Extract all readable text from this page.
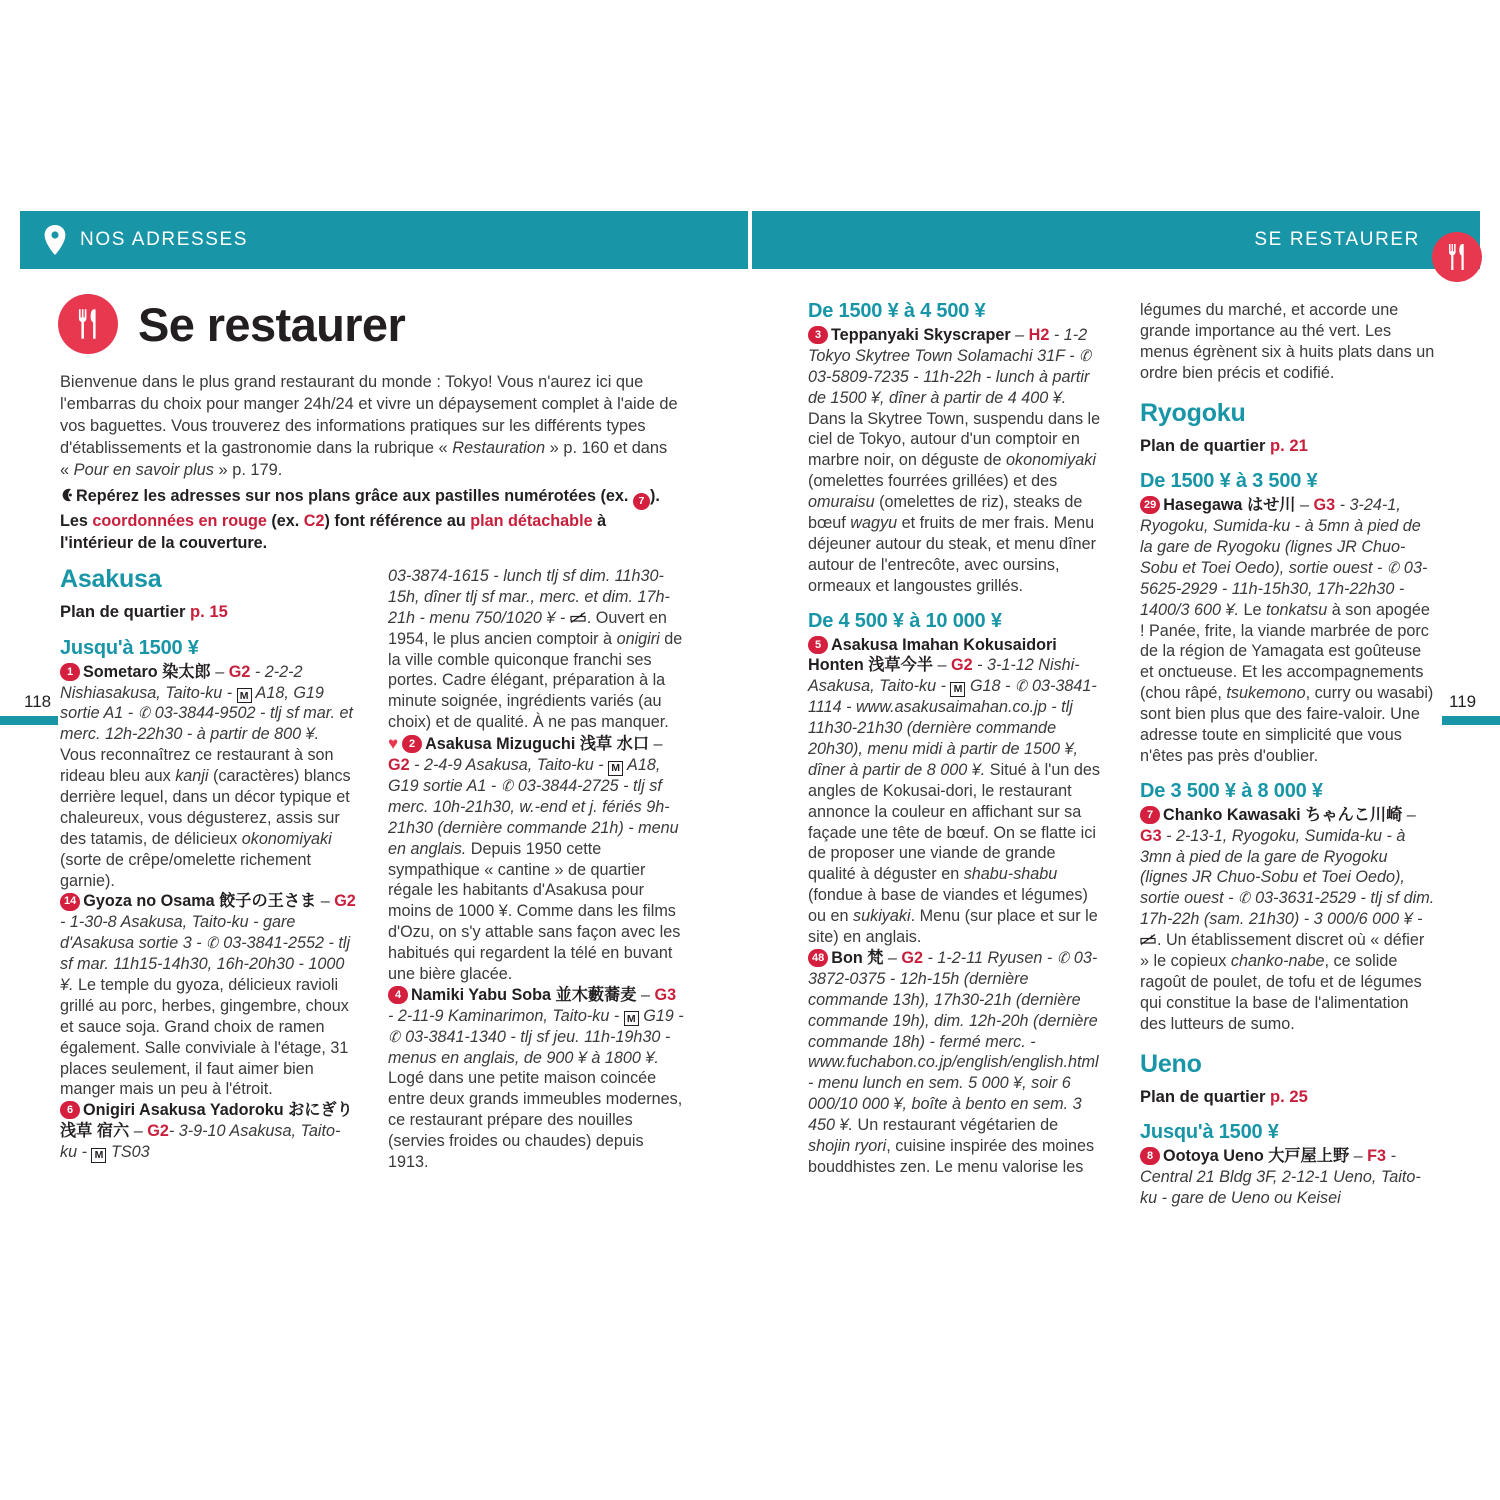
NOS ADRESSES	SE RESTAURER
118	119
Se restaurer
Bienvenue dans le plus grand restaurant du monde : Tokyo! Vous n'aurez ici que l'embarras du choix pour manger 24h/24 et vivre un dépaysement complet à l'aide de vos baguettes. Vous trouverez des informations pratiques sur les différents types d'établissements et la gastronomie dans la rubrique « Restauration » p. 160 et dans « Pour en savoir plus » p. 179.
Repérez les adresses sur nos plans grâce aux pastilles numérotées (ex. 7 ). Les coordonnées en rouge (ex. C2) font référence au plan détachable à l'intérieur de la couverture.
Asakusa

Plan de quartier p. 15

Jusqu'à 1500 ¥

1 Sometaro 染太郎 – G2 - 2-2-2 Nishiasakusa, Taito-ku - M A18, G19 sortie A1 - ✆ 03-3844-9502 - tlj sf mar. et merc. 12h-22h30 - à partir de 800 ¥. Vous reconnaîtrez ce restaurant à son rideau bleu aux kanji (caractères) blancs derrière lequel, dans un décor typique et chaleureux, vous dégusterez, assis sur des tatamis, de délicieux okonomiyaki (sorte de crêpe/omelette richement garnie).

14 Gyoza no Osama 餃子の王さま – G2 - 1-30-8 Asakusa, Taito-ku - gare d'Asakusa sortie 3 - ✆ 03-3841-2552 - tlj sf mar. 11h15-14h30, 16h-20h30 - 1000 ¥. Le temple du gyoza, délicieux ravioli grillé au porc, herbes, gingembre, choux et sauce soja. Grand choix de ramen également. Salle conviviale à l'étage, 31 places seulement, il faut aimer bien manger mais un peu à l'étroit.

6 Onigiri Asakusa Yadoroku おにぎり 浅草 宿六 – G2- 3-9-10 Asakusa, Taito-ku - M TS03

03-3874-1615 - lunch tlj sf dim. 11h30-15h, dîner tlj sf mar., merc. et dim. 17h-21h - menu 750/1020 ¥ - . Ouvert en 1954, le plus ancien comptoir à onigiri de la ville comble quiconque franchi ses portes. Cadre élégant, préparation à la minute soignée, ingrédients variés (au choix) et de qualité. À ne pas manquer.

♥ 2 Asakusa Mizuguchi 浅草 水口 – G2 - 2-4-9 Asakusa, Taito-ku - M A18, G19 sortie A1 - ✆ 03-3844-2725 - tlj sf merc. 10h-21h30, w.-end et j. fériés 9h-21h30 (dernière commande 21h) - menu en anglais. Depuis 1950 cette sympathique « cantine » de quartier régale les habitants d'Asakusa pour moins de 1000 ¥. Comme dans les films d'Ozu, on s'y attable sans façon avec les habitués qui regardent la télé en buvant une bière glacée.

4 Namiki Yabu Soba 並木藪蕎麦 – G3 - 2-11-9 Kaminarimon, Taito-ku - M G19 - ✆ 03-3841-1340 - tlj sf jeu. 11h-19h30 - menus en anglais, de 900 ¥ à 1800 ¥. Logé dans une petite maison coincée entre deux grands immeubles modernes, ce restaurant prépare des nouilles (servies froides ou chaudes) depuis 1913.

De 1500 ¥ à 4 500 ¥

3 Teppanyaki Skyscraper – H2 - 1-2 Tokyo Skytree Town Solamachi 31F - ✆ 03-5809-7235 - 11h-22h - lunch à partir de 1500 ¥, dîner à partir de 4 400 ¥. Dans la Skytree Town, suspendu dans le ciel de Tokyo, autour d'un comptoir en marbre noir, on déguste de okonomiyaki (omelettes fourrées grillées) et des omuraisu (omelettes de riz), steaks de bœuf wagyu et fruits de mer frais. Menu déjeuner autour du steak, et menu dîner autour de l'entrecôte, avec oursins, ormeaux et langoustes grillés.

De 4 500 ¥ à 10 000 ¥

5 Asakusa Imahan Kokusaidori Honten 浅草今半 – G2 - 3-1-12 Nishi-Asakusa, Taito-ku - M G18 - ✆ 03-3841-1114 - www.asakusaimahan.co.jp - tlj 11h30-21h30 (dernière commande 20h30), menu midi à partir de 1500 ¥, dîner à partir de 8 000 ¥. Situé à l'un des angles de Kokusai-dori, le restaurant annonce la couleur en affichant sur sa façade une tête de bœuf. On se flatte ici de proposer une viande de grande qualité à déguster en shabu-shabu (fondue à base de viandes et légumes) ou en sukiyaki. Menu (sur place et sur le site) en anglais.

48 Bon 梵 – G2 - 1-2-11 Ryusen - ✆ 03-3872-0375 - 12h-15h (dernière commande 13h), 17h30-21h (dernière commande 19h), dim. 12h-20h (dernière commande 18h) - fermé merc. - www.fuchabon.co.jp/english/english.html - menu lunch en sem. 5 000 ¥, soir 6 000/10 000 ¥, boîte à bento en sem. 3 450 ¥. Un restaurant végétarien de shojin ryori, cuisine inspirée des moines bouddhistes zen. Le menu valorise les

légumes du marché, et accorde une grande importance au thé vert. Les menus égrènent six à huits plats dans un ordre bien précis et codifié.

Ryogoku

Plan de quartier p. 21

De 1500 ¥ à 3 500 ¥

29 Hasegawa はせ川 – G3 - 3-24-1, Ryogoku, Sumida-ku - à 5mn à pied de la gare de Ryogoku (lignes JR Chuo-Sobu et Toei Oedo), sortie ouest - ✆ 03-5625-2929 - 11h-15h30, 17h-22h30 - 1400/3 600 ¥. Le tonkatsu à son apogée ! Panée, frite, la viande marbrée de porc de la région de Yamagata est goûteuse et onctueuse. Et les accompagnements (chou râpé, tsukemono, curry ou wasabi) sont bien plus que des faire-valoir. Une adresse toute en simplicité que vous n'êtes pas près d'oublier.

De 3 500 ¥ à 8 000 ¥

7 Chanko Kawasaki ちゃんこ川崎 – G3 - 2-13-1, Ryogoku, Sumida-ku - à 3mn à pied de la gare de Ryogoku (lignes JR Chuo-Sobu et Toei Oedo), sortie ouest - ✆ 03-3631-2529 - tlj sf dim. 17h-22h (sam. 21h30) - 3 000/6 000 ¥ - . Un établissement discret où « défier » le copieux chanko-nabe, ce solide ragoût de poulet, de tofu et de légumes qui constitue la base de l'alimentation des lutteurs de sumo.

Ueno

Plan de quartier p. 25

Jusqu'à 1500 ¥

8 Ootoya Ueno 大戸屋上野 – F3 - Central 21 Bldg 3F, 2-12-1 Ueno, Taito-ku - gare de Ueno ou Keisei
